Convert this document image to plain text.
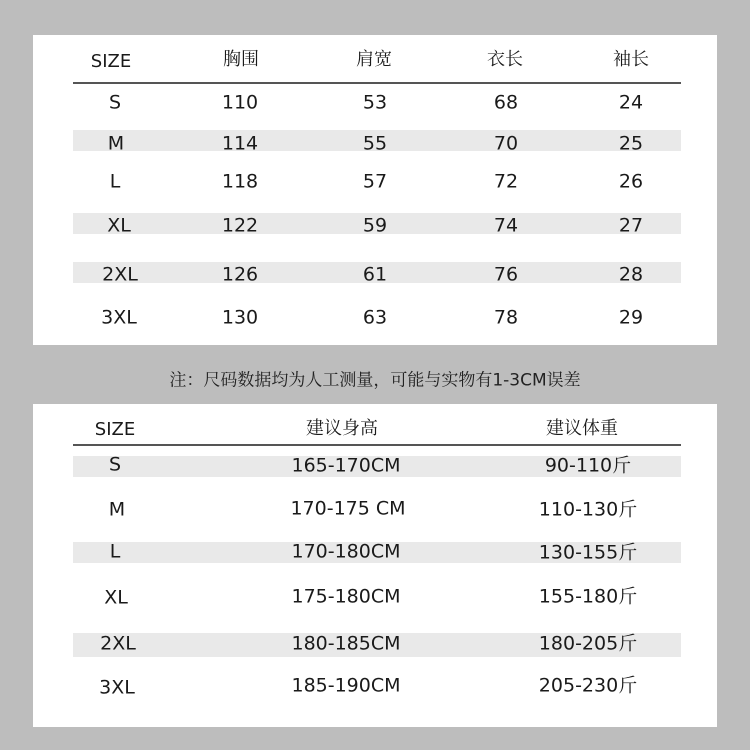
SIZE	胸围	肩宽	衣长	袖长
S	110	53	68	24
M	114	55	70	25
L	118	57	72	26
XL	122	59	74	27
2XL	126	61	76	28
3XL	130	63	78	29
注：尺码数据均为人工测量，可能与实物有1-3CM误差
SIZE	建议身高	建议体重
S	165-170CM	90-110斤
M	170-175 CM	110-130斤
L	170-180CM	130-155斤
XL	175-180CM	155-180斤
2XL	180-185CM	180-205斤
3XL	185-190CM	205-230斤
